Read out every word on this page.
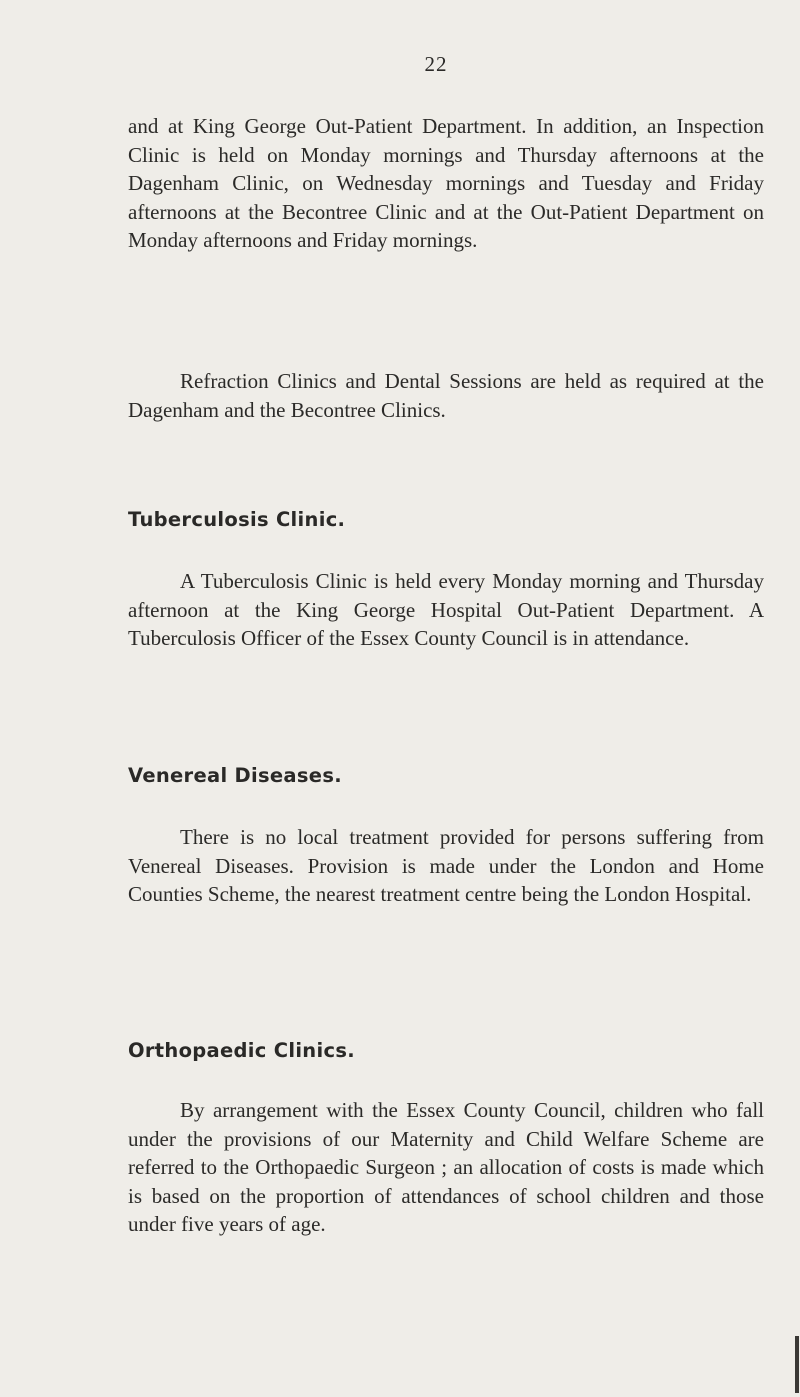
22

and at King George Out-Patient Department. In addition, an Inspection Clinic is held on Monday mornings and Thursday afternoons at the Dagenham Clinic, on Wednesday mornings and Tuesday and Friday afternoons at the Becontree Clinic and at the Out-Patient Department on Monday afternoons and Friday mornings.

Refraction Clinics and Dental Sessions are held as required at the Dagenham and the Becontree Clinics.

Tuberculosis Clinic.

A Tuberculosis Clinic is held every Monday morning and Thursday afternoon at the King George Hospital Out-Patient Department. A Tuberculosis Officer of the Essex County Council is in attendance.

Venereal Diseases.

There is no local treatment provided for persons suffering from Venereal Diseases. Provision is made under the London and Home Counties Scheme, the nearest treatment centre being the London Hospital.

Orthopaedic Clinics.

By arrangement with the Essex County Council, children who fall under the provisions of our Maternity and Child Welfare Scheme are referred to the Orthopaedic Surgeon ; an allocation of costs is made which is based on the proportion of attendances of school children and those under five years of age.
